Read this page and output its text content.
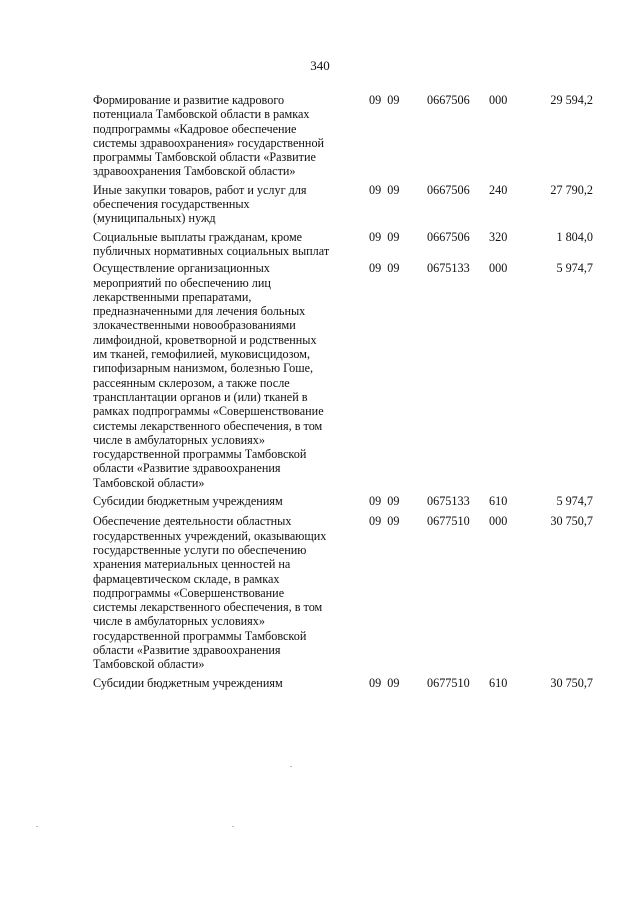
340
Формирование и развитие кадрового
потенциала Тамбовской области в рамках
подпрограммы «Кадровое обеспечение
системы здравоохранения» государственной
программы Тамбовской области «Развитие
здравоохранения Тамбовской области»
09  09	0667506	000	29 594,2
Иные закупки товаров, работ и услуг для
обеспечения государственных
(муниципальных) нужд
09  09	0667506	240	27 790,2
Социальные выплаты гражданам, кроме
публичных нормативных социальных выплат
09  09	0667506	320	1 804,0
Осуществление организационных
мероприятий по обеспечению лиц
лекарственными препаратами,
предназначенными для лечения больных
злокачественными новообразованиями
лимфоидной, кроветворной и родственных
им тканей, гемофилией, муковисцидозом,
гипофизарным нанизмом, болезнью Гоше,
рассеянным склерозом, а также после
трансплантации органов и (или) тканей в
рамках подпрограммы «Совершенствование
системы лекарственного обеспечения, в том
числе в амбулаторных условиях»
государственной программы Тамбовской
области «Развитие здравоохранения
Тамбовской области»
09  09	0675133	000	5 974,7
Субсидии бюджетным учреждениям	09  09	0675133	610	5 974,7
Обеспечение деятельности областных
государственных учреждений, оказывающих
государственные услуги по обеспечению
хранения материальных ценностей на
фармацевтическом складе, в рамках
подпрограммы «Совершенствование
системы лекарственного обеспечения, в том
числе в амбулаторных условиях»
государственной программы Тамбовской
области «Развитие здравоохранения
Тамбовской области»
09  09	0677510	000	30 750,7
Субсидии бюджетным учреждениям	09  09	0677510	610	30 750,7
